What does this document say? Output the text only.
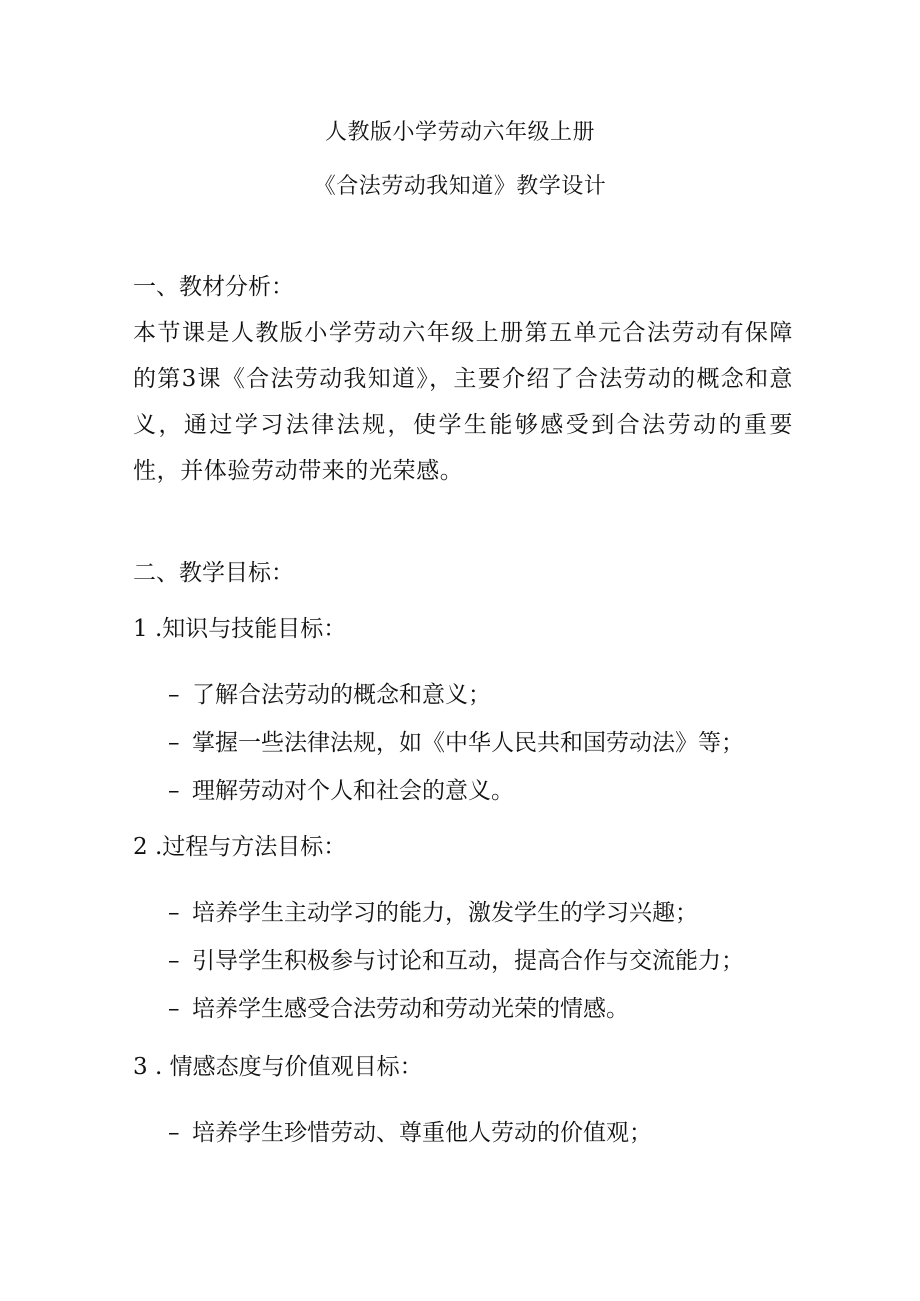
人教版小学劳动六年级上册
《合法劳动我知道》教学设计
一、教材分析：
本节课是人教版小学劳动六年级上册第五单元合法劳动有保障的第3课《合法劳动我知道》，主要介绍了合法劳动的概念和意义，通过学习法律法规，使学生能够感受到合法劳动的重要性，并体验劳动带来的光荣感。
二、教学目标：
1 .知识与技能目标：
– 了解合法劳动的概念和意义；
– 掌握一些法律法规，如《中华人民共和国劳动法》等；
– 理解劳动对个人和社会的意义。
2 .过程与方法目标：
– 培养学生主动学习的能力，激发学生的学习兴趣；
– 引导学生积极参与讨论和互动，提高合作与交流能力；
– 培养学生感受合法劳动和劳动光荣的情感。
3 . 情感态度与价值观目标：
– 培养学生珍惜劳动、尊重他人劳动的价值观；
